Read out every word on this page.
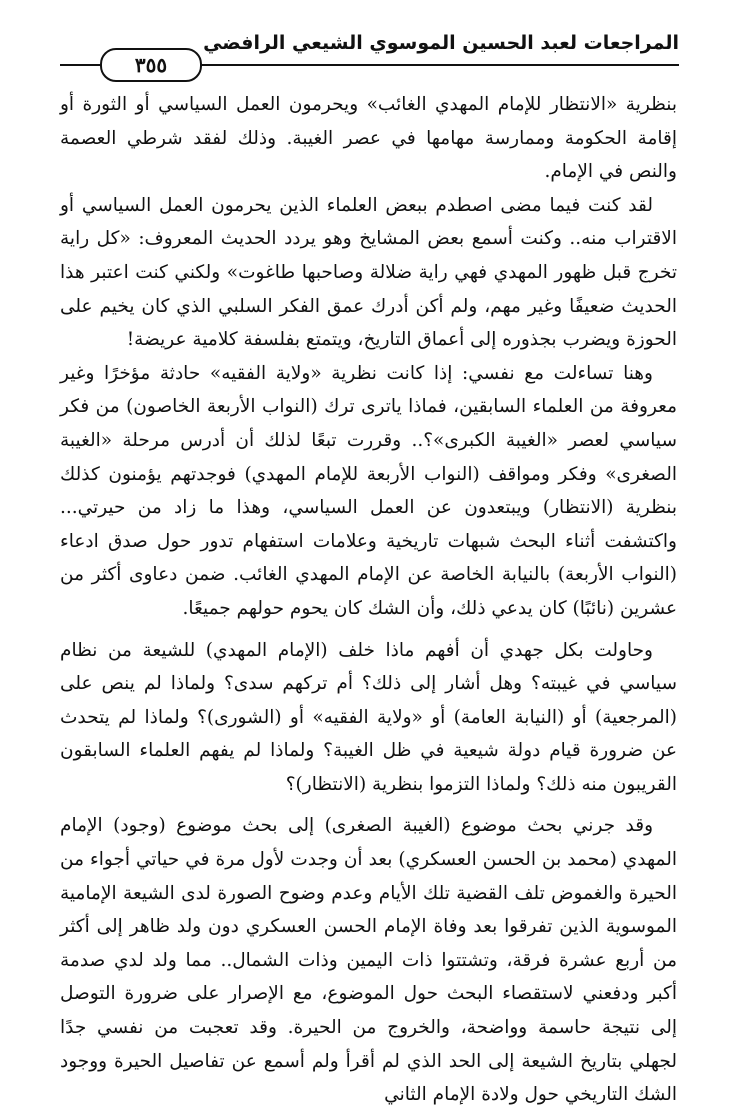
المراجعات لعبد الحسين الموسوي الشيعي الرافضي
٣٥٥

بنظرية «الانتظار للإمام المهدي الغائب» ويحرمون العمل السياسي أو الثورة أو إقامة الحكومة وممارسة مهامها في عصر الغيبة. وذلك لفقد شرطي العصمة والنص في الإمام.

لقد كنت فيما مضى اصطدم ببعض العلماء الذين يحرمون العمل السياسي أو الاقتراب منه.. وكنت أسمع بعض المشايخ وهو يردد الحديث المعروف: «كل راية تخرج قبل ظهور المهدي فهي راية ضلالة وصاحبها طاغوت» ولكني كنت اعتبر هذا الحديث ضعيفًا وغير مهم، ولم أكن أدرك عمق الفكر السلبي الذي كان يخيم على الحوزة ويضرب بجذوره إلى أعماق التاريخ، ويتمتع بفلسفة كلامية عريضة!

وهنا تساءلت مع نفسي: إذا كانت نظرية «ولاية الفقيه» حادثة مؤخرًا وغير معروفة من العلماء السابقين، فماذا ياترى ترك (النواب الأربعة الخاصون) من فكر سياسي لعصر «الغيبة الكبرى»؟.. وقررت تبعًا لذلك أن أدرس مرحلة «الغيبة الصغرى» وفكر ومواقف (النواب الأربعة للإمام المهدي) فوجدتهم يؤمنون كذلك بنظرية (الانتظار) ويبتعدون عن العمل السياسي، وهذا ما زاد من حيرتي... واكتشفت أثناء البحث شبهات تاريخية وعلامات استفهام تدور حول صدق ادعاء (النواب الأربعة) بالنيابة الخاصة عن الإمام المهدي الغائب. ضمن دعاوى أكثر من عشرين (نائبًا) كان يدعي ذلك، وأن الشك كان يحوم حولهم جميعًا.

وحاولت بكل جهدي أن أفهم ماذا خلف (الإمام المهدي) للشيعة من نظام سياسي في غيبته؟ وهل أشار إلى ذلك؟ أم تركهم سدى؟ ولماذا لم ينص على (المرجعية) أو (النيابة العامة) أو «ولاية الفقيه» أو (الشورى)؟ ولماذا لم يتحدث عن ضرورة قيام دولة شيعية في ظل الغيبة؟ ولماذا لم يفهم العلماء السابقون القريبون منه ذلك؟ ولماذا التزموا بنظرية (الانتظار)؟

وقد جرني بحث موضوع (الغيبة الصغرى) إلى بحث موضوع (وجود) الإمام المهدي (محمد بن الحسن العسكري) بعد أن وجدت لأول مرة في حياتي أجواء من الحيرة والغموض تلف القضية تلك الأيام وعدم وضوح الصورة لدى الشيعة الإمامية الموسوية الذين تفرقوا بعد وفاة الإمام الحسن العسكري دون ولد ظاهر إلى أكثر من أربع عشرة فرقة، وتشتتوا ذات اليمين وذات الشمال.. مما ولد لدي صدمة أكبر ودفعني لاستقصاء البحث حول الموضوع، مع الإصرار على ضرورة التوصل إلى نتيجة حاسمة وواضحة، والخروج من الحيرة. وقد تعجبت من نفسي جدًا لجهلي بتاريخ الشيعة إلى الحد الذي لم أقرأ ولم أسمع عن تفاصيل الحيرة ووجود الشك التاريخي حول ولادة الإمام الثاني
